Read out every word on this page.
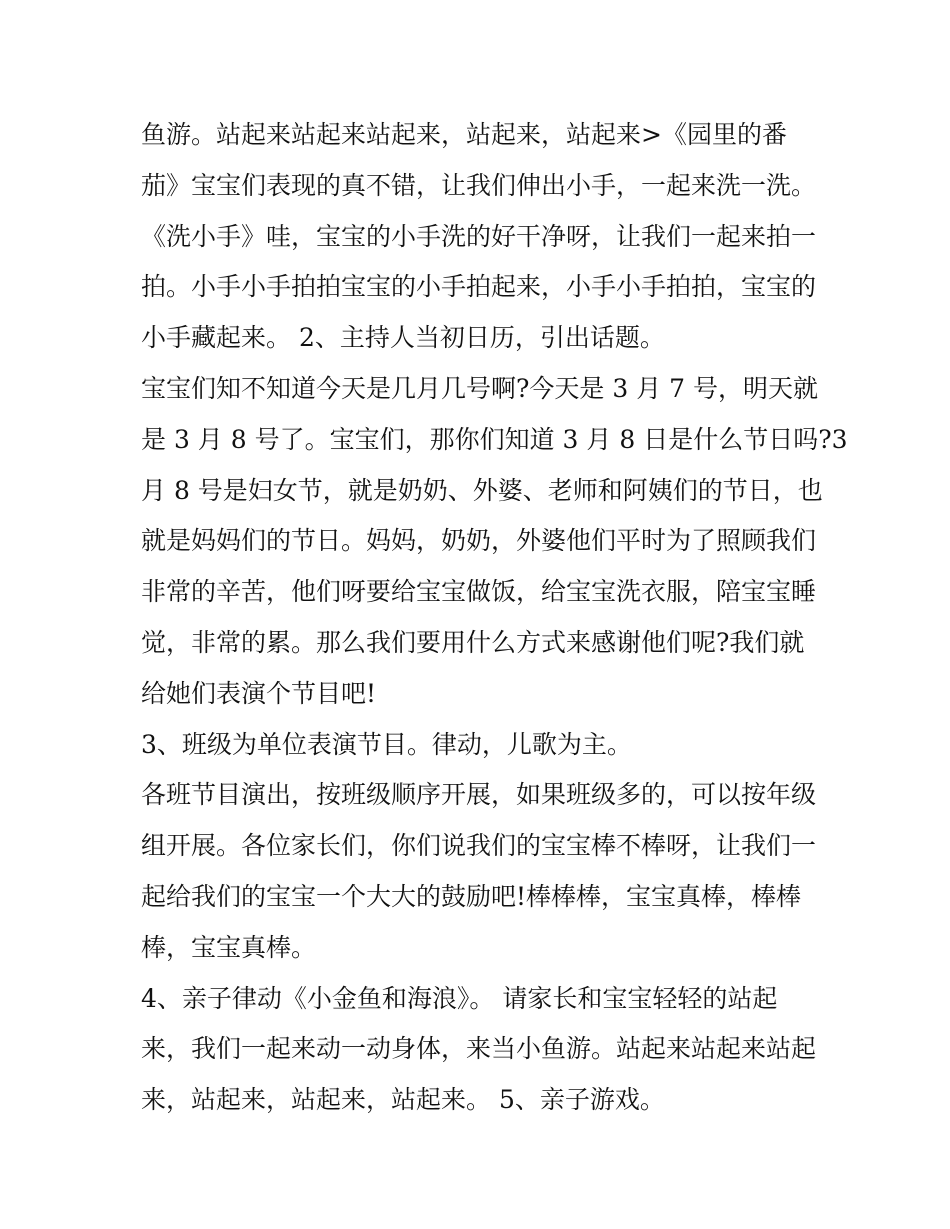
鱼游。站起来站起来站起来，站起来，站起来>《园里的番
茄》宝宝们表现的真不错，让我们伸出小手，一起来洗一洗。
《洗小手》哇，宝宝的小手洗的好干净呀，让我们一起来拍一
拍。小手小手拍拍宝宝的小手拍起来，小手小手拍拍，宝宝的
小手藏起来。 2、主持人当初日历，引出话题。
宝宝们知不知道今天是几月几号啊?今天是 3 月 7 号，明天就
是 3 月 8 号了。宝宝们，那你们知道 3 月 8 日是什么节日吗?3
月 8 号是妇女节，就是奶奶、外婆、老师和阿姨们的节日，也
就是妈妈们的节日。妈妈，奶奶，外婆他们平时为了照顾我们
非常的辛苦，他们呀要给宝宝做饭，给宝宝洗衣服，陪宝宝睡
觉，非常的累。那么我们要用什么方式来感谢他们呢?我们就
给她们表演个节目吧!
3、班级为单位表演节目。律动，儿歌为主。
各班节目演出，按班级顺序开展，如果班级多的，可以按年级
组开展。各位家长们，你们说我们的宝宝棒不棒呀，让我们一
起给我们的宝宝一个大大的鼓励吧!棒棒棒，宝宝真棒，棒棒
棒，宝宝真棒。
4、亲子律动《小金鱼和海浪》。 请家长和宝宝轻轻的站起
来，我们一起来动一动身体，来当小鱼游。站起来站起来站起
来，站起来，站起来，站起来。 5、亲子游戏。
